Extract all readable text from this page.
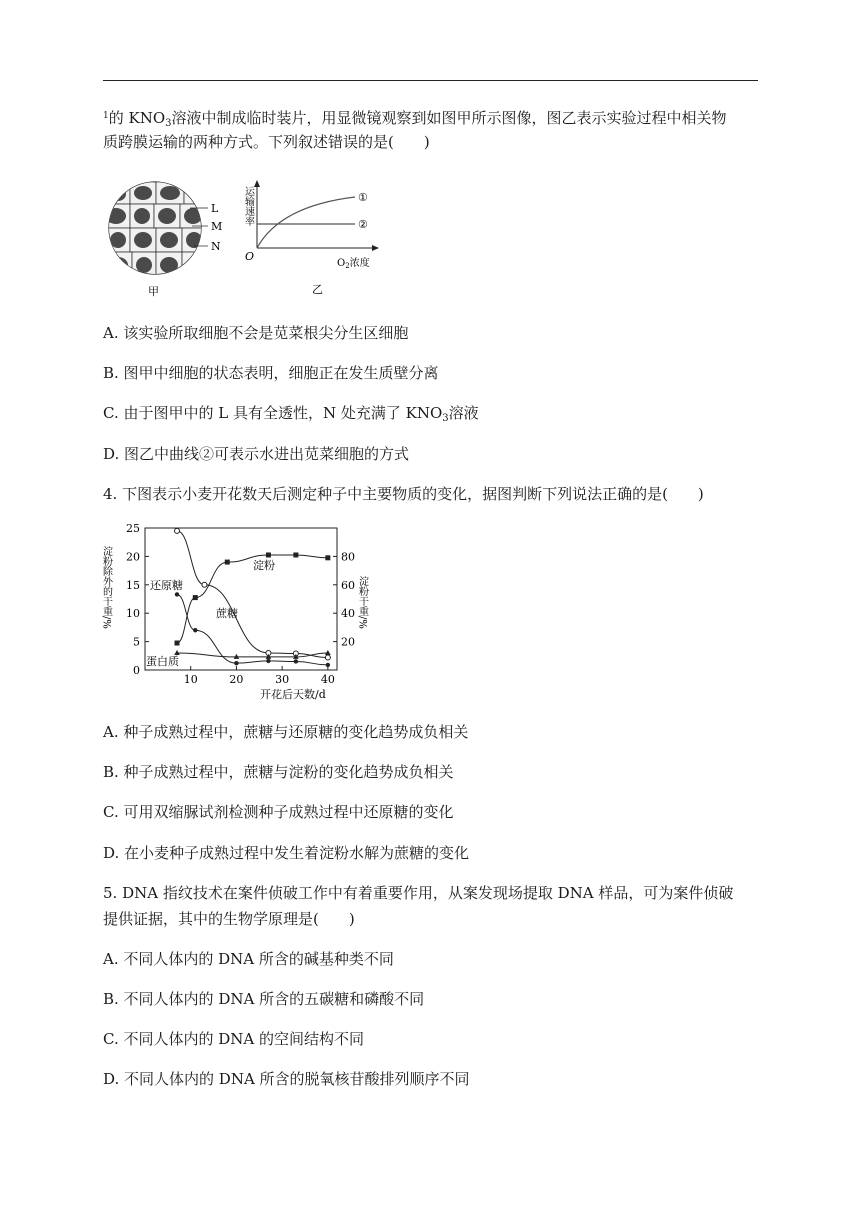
$^1$的 $KNO_3$溶液中制成临时装片，用显微镜观察到如图甲所示图像，图乙表示实验过程中相关物
质跨膜运输的两种方式。下列叙述错误的是(　　)
L
M
N
甲
运输速率	①
②
O
$O_2$浓度
乙
A. 该实验所取细胞不会是苋菜根尖分生区细胞
B. 图甲中细胞的状态表明，细胞正在发生质壁分离
C. 由于图甲中的 L 具有全透性，N 处充满了 $KNO_3$溶液
D. 图乙中曲线②可表示水进出苋菜细胞的方式
4. 下图表示小麦开花数天后测定种子中主要物质的变化，据图判断下列说法正确的是(　　)
0
5
10
15
20
25
20
40
60
80
10	20	30	40
开花后天数/d
淀粉除外的干重/%	淀粉干重/%
淀粉
还原糖
蔗糖
蛋白质
A. 种子成熟过程中，蔗糖与还原糖的变化趋势成负相关
B. 种子成熟过程中，蔗糖与淀粉的变化趋势成负相关
C. 可用双缩脲试剂检测种子成熟过程中还原糖的变化
D. 在小麦种子成熟过程中发生着淀粉水解为蔗糖的变化
5. DNA 指纹技术在案件侦破工作中有着重要作用，从案发现场提取 DNA 样品，可为案件侦破
提供证据，其中的生物学原理是(　　)
A. 不同人体内的 DNA 所含的碱基种类不同
B. 不同人体内的 DNA 所含的五碳糖和磷酸不同
C. 不同人体内的 DNA 的空间结构不同
D. 不同人体内的 DNA 所含的脱氧核苷酸排列顺序不同
